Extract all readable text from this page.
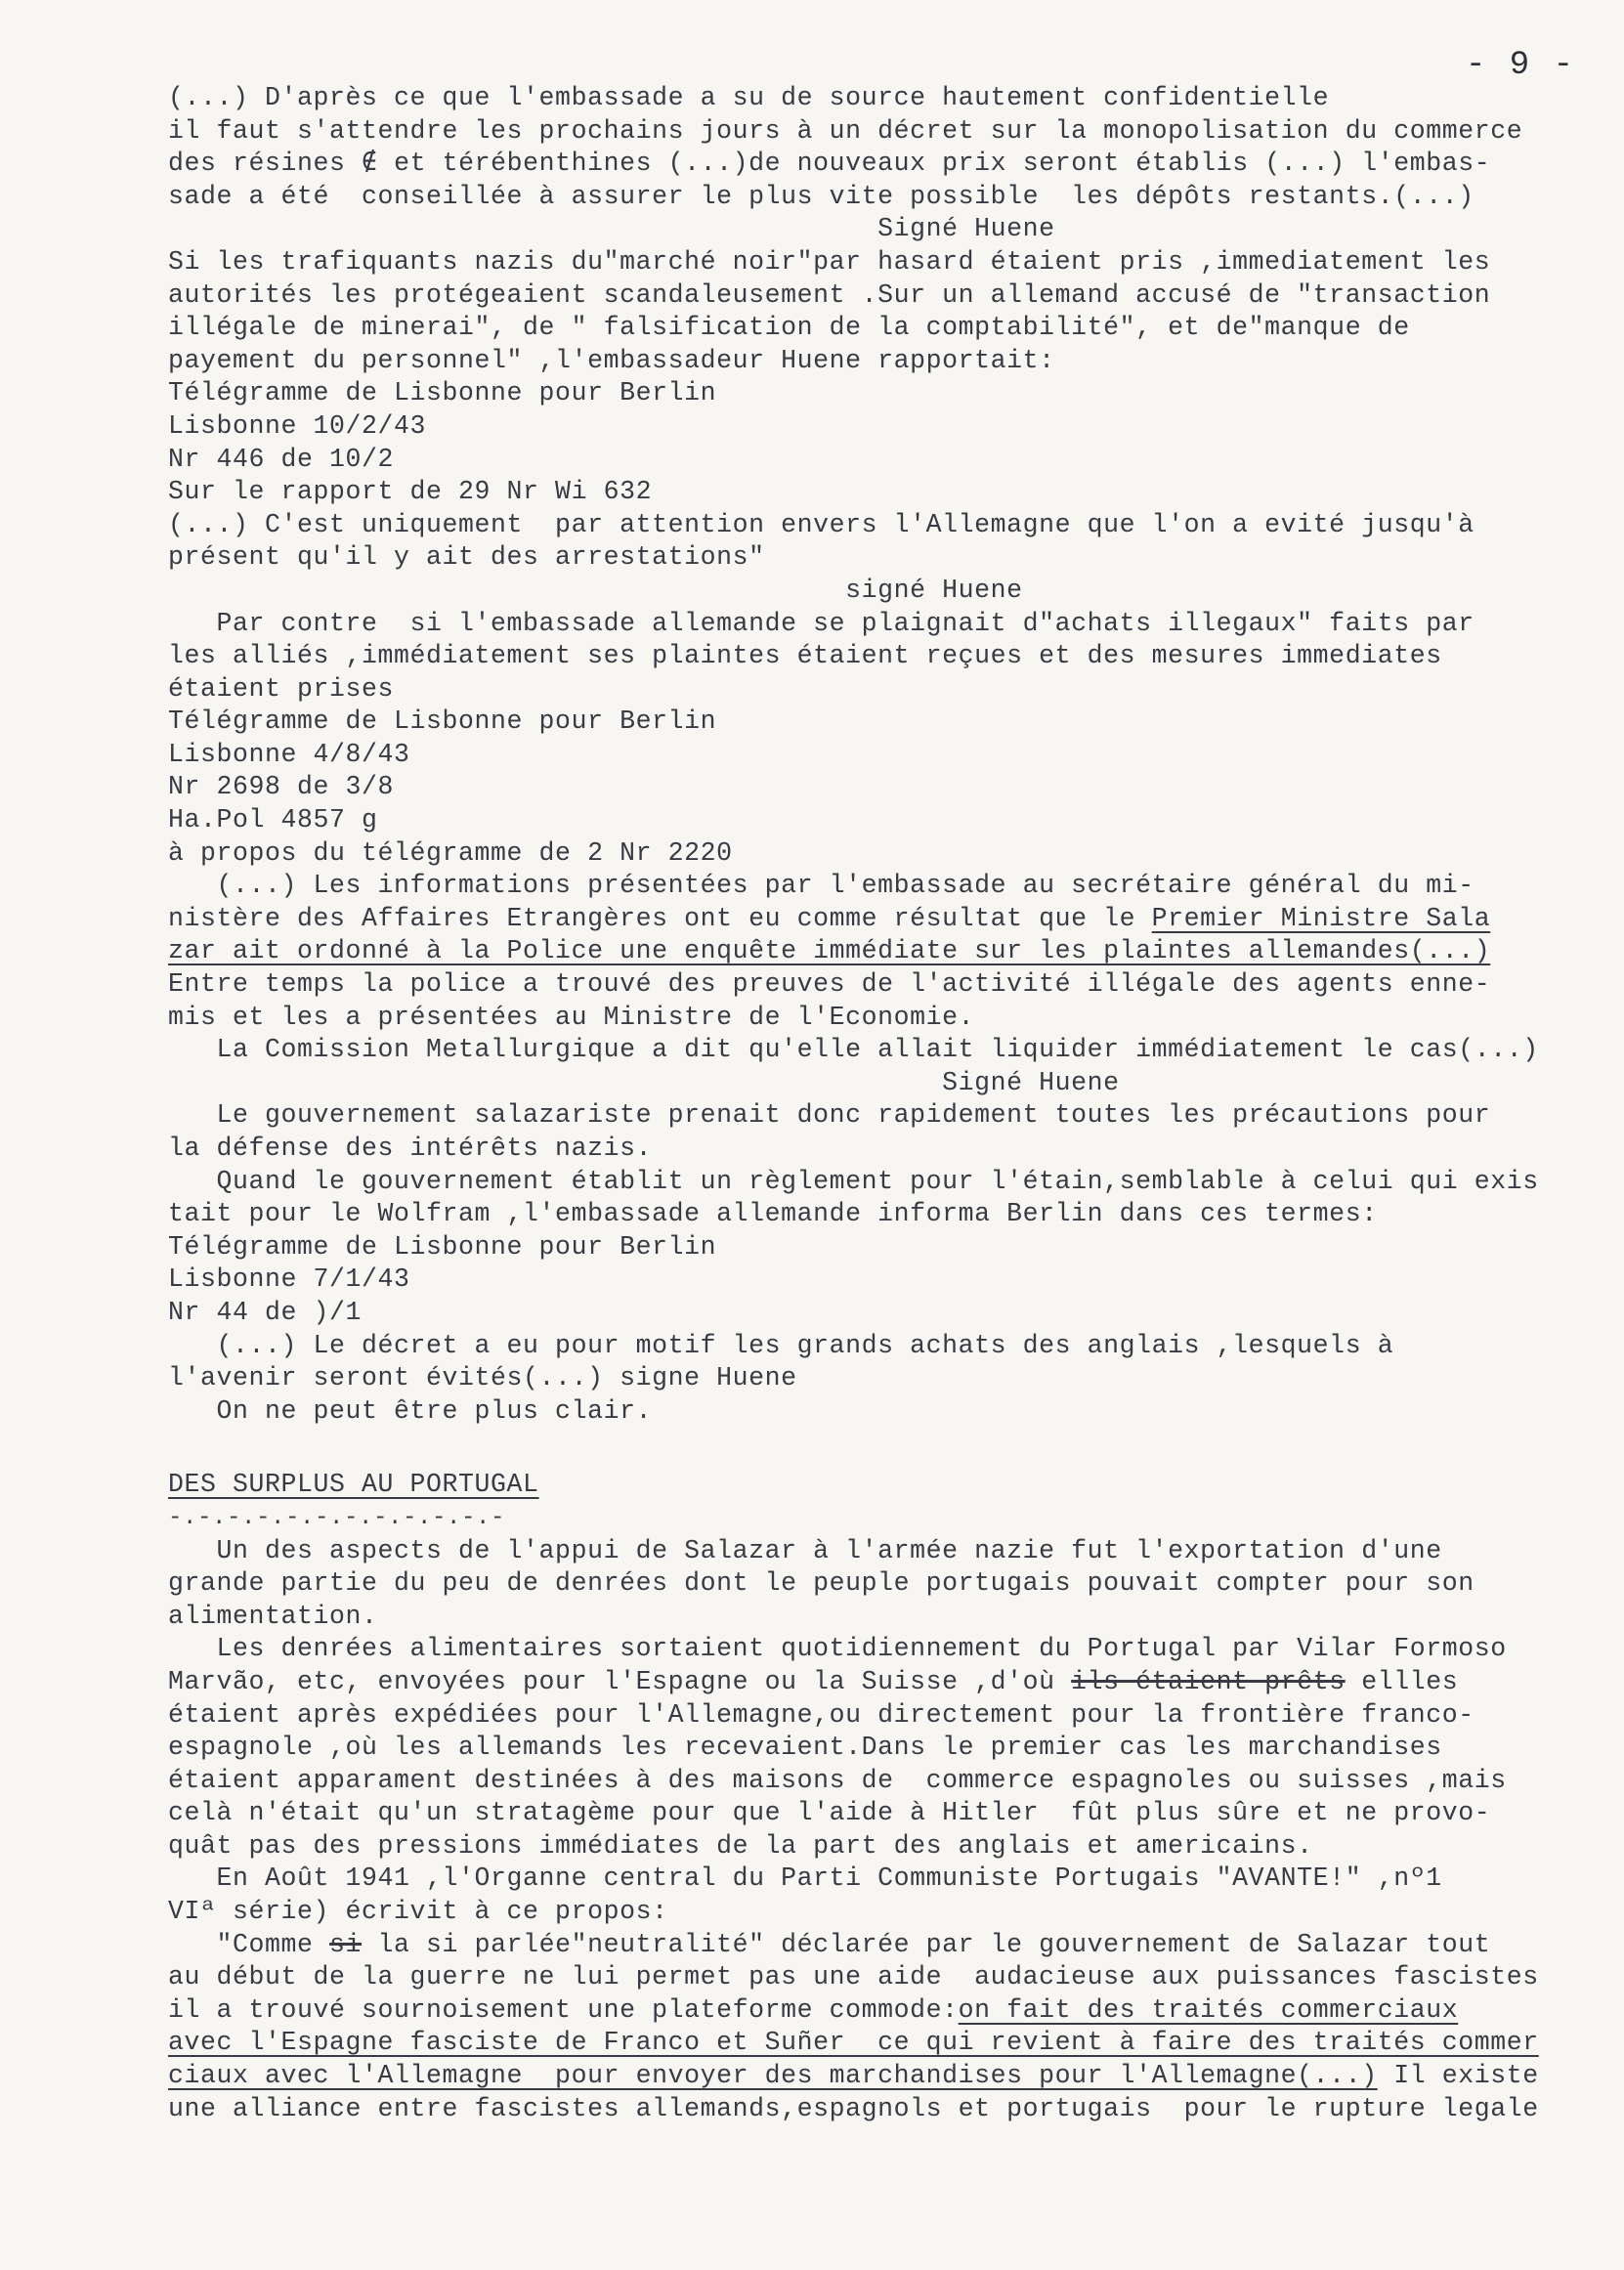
- 9 -
(...) D'après ce que l'embassade a su de source hautement confidentielle
il faut s'attendre les prochains jours à un décret sur la monopolisation du commerce
des résines ∉ et térébenthines (...)de nouveaux prix seront établis (...) l'embas-
sade a été  conseillée à assurer le plus vite possible  les dépôts restants.(...)
Signé Huene
Si les trafiquants nazis du"marché noir"par hasard étaient pris ,immediatement les
autorités les protégeaient scandaleusement .Sur un allemand accusé de "transaction
illégale de minerai", de " falsification de la comptabilité", et de"manque de
payement du personnel" ,l'embassadeur Huene rapportait:
Télégramme de Lisbonne pour Berlin
Lisbonne 10/2/43
Nr 446 de 10/2
Sur le rapport de 29 Nr Wi 632
(...) C'est uniquement  par attention envers l'Allemagne que l'on a evité jusqu'à
présent qu'il y ait des arrestations"
signé Huene
Par contre  si l'embassade allemande se plaignait d"achats illegaux" faits par
les alliés ,immédiatement ses plaintes étaient reçues et des mesures immediates
étaient prises
Télégramme de Lisbonne pour Berlin
Lisbonne 4/8/43
Nr 2698 de 3/8
Ha.Pol 4857 g
à propos du télégramme de 2 Nr 2220
(...) Les informations présentées par l'embassade au secrétaire général du mi-
nistère des Affaires Etrangères ont eu comme résultat que le Premier Ministre Sala
zar ait ordonné à la Police une enquête immédiate sur les plaintes allemandes(...)
Entre temps la police a trouvé des preuves de l'activité illégale des agents enne-
mis et les a présentées au Ministre de l'Economie.
La Comission Metallurgique a dit qu'elle allait liquider immédiatement le cas(...)
Signé Huene
Le gouvernement salazariste prenait donc rapidement toutes les précautions pour
la défense des intérêts nazis.
Quand le gouvernement établit un règlement pour l'étain,semblable à celui qui exis
tait pour le Wolfram ,l'embassade allemande informa Berlin dans ces termes:
Télégramme de Lisbonne pour Berlin
Lisbonne 7/1/43
Nr 44 de )/1
(...) Le décret a eu pour motif les grands achats des anglais ,lesquels à
l'avenir seront évités(...) signe Huene
On ne peut être plus clair.
DES SURPLUS AU PORTUGAL
-.-.-.-.-.-.-.-.-.-.-.-
Un des aspects de l'appui de Salazar à l'armée nazie fut l'exportation d'une
grande partie du peu de denrées dont le peuple portugais pouvait compter pour son
alimentation.
Les denrées alimentaires sortaient quotidiennement du Portugal par Vilar Formoso
Marvão, etc, envoyées pour l'Espagne ou la Suisse ,d'où ils étaient prêts ellles
étaient après expédiées pour l'Allemagne,ou directement pour la frontière franco-
espagnole ,où les allemands les recevaient.Dans le premier cas les marchandises
étaient apparament destinées à des maisons de  commerce espagnoles ou suisses ,mais
celà n'était qu'un stratagème pour que l'aide à Hitler  fût plus sûre et ne provo-
quât pas des pressions immédiates de la part des anglais et americains.
En Août 1941 ,l'Organne central du Parti Communiste Portugais "AVANTE!" ,nº1
VIª série) écrivit à ce propos:
"Comme si la si parlée"neutralité" déclarée par le gouvernement de Salazar tout
au début de la guerre ne lui permet pas une aide  audacieuse aux puissances fascistes
il a trouvé sournoisement une plateforme commode:on fait des traités commerciaux
avec l'Espagne fasciste de Franco et Suñer  ce qui revient à faire des traités commer
ciaux avec l'Allemagne  pour envoyer des marchandises pour l'Allemagne(...) Il existe
une alliance entre fascistes allemands,espagnols et portugais  pour le rupture legale
